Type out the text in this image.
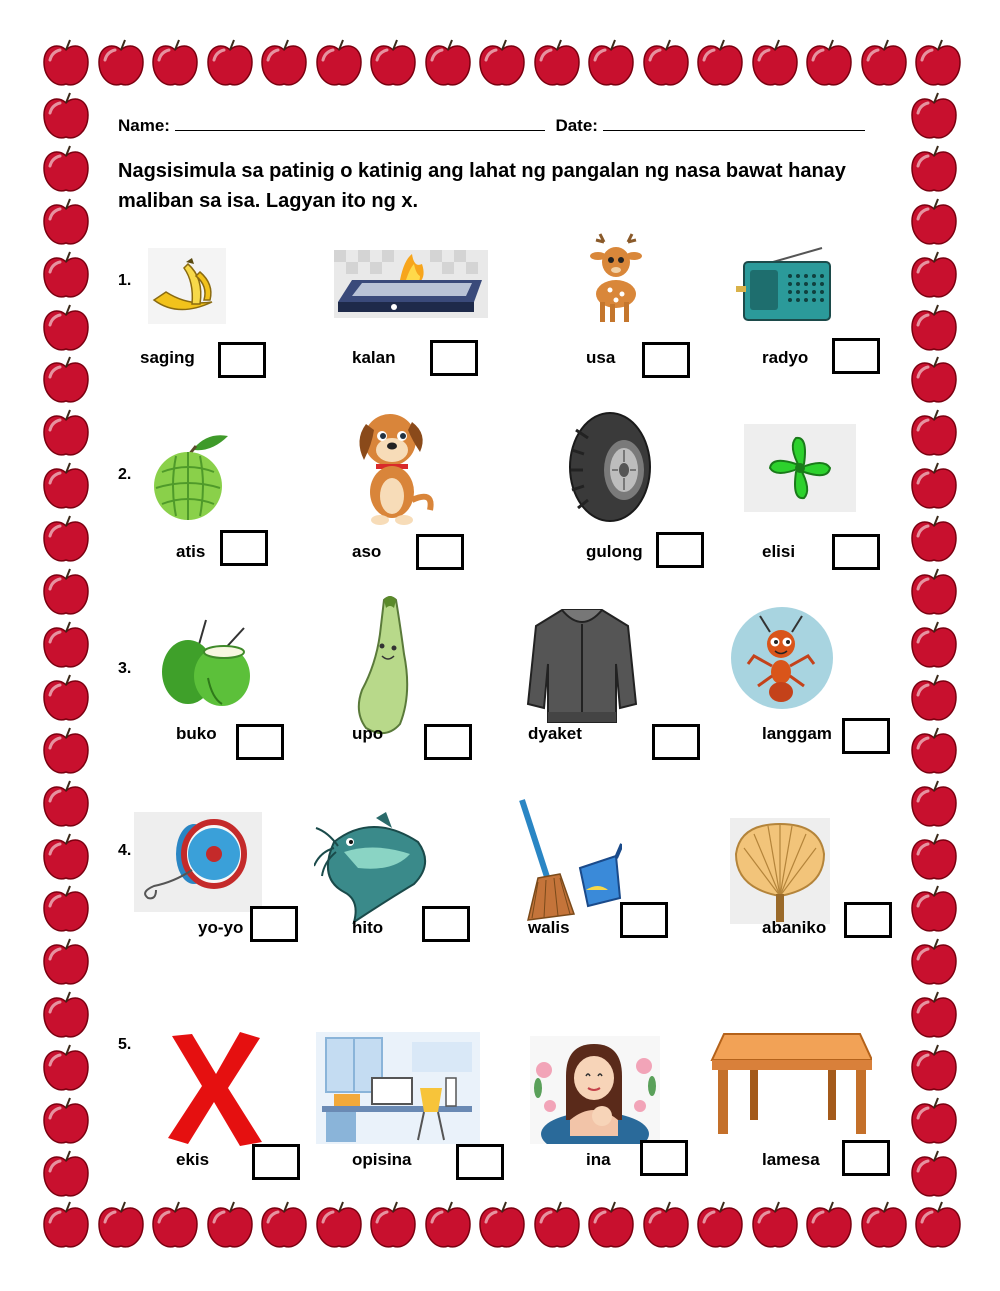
Name:	Date:
Nagsisimula sa patinig o katinig ang lahat ng pangalan ng nasa bawat hanay maliban sa isa. Lagyan ito ng x.
1.
2.
3.
4.
5.
saging	kalan	usa	radyo
atis	aso	gulong	elisi
buko	upo	dyaket	langgam
yo-yo	hito	walis	abaniko
ekis	opisina	ina	lamesa
